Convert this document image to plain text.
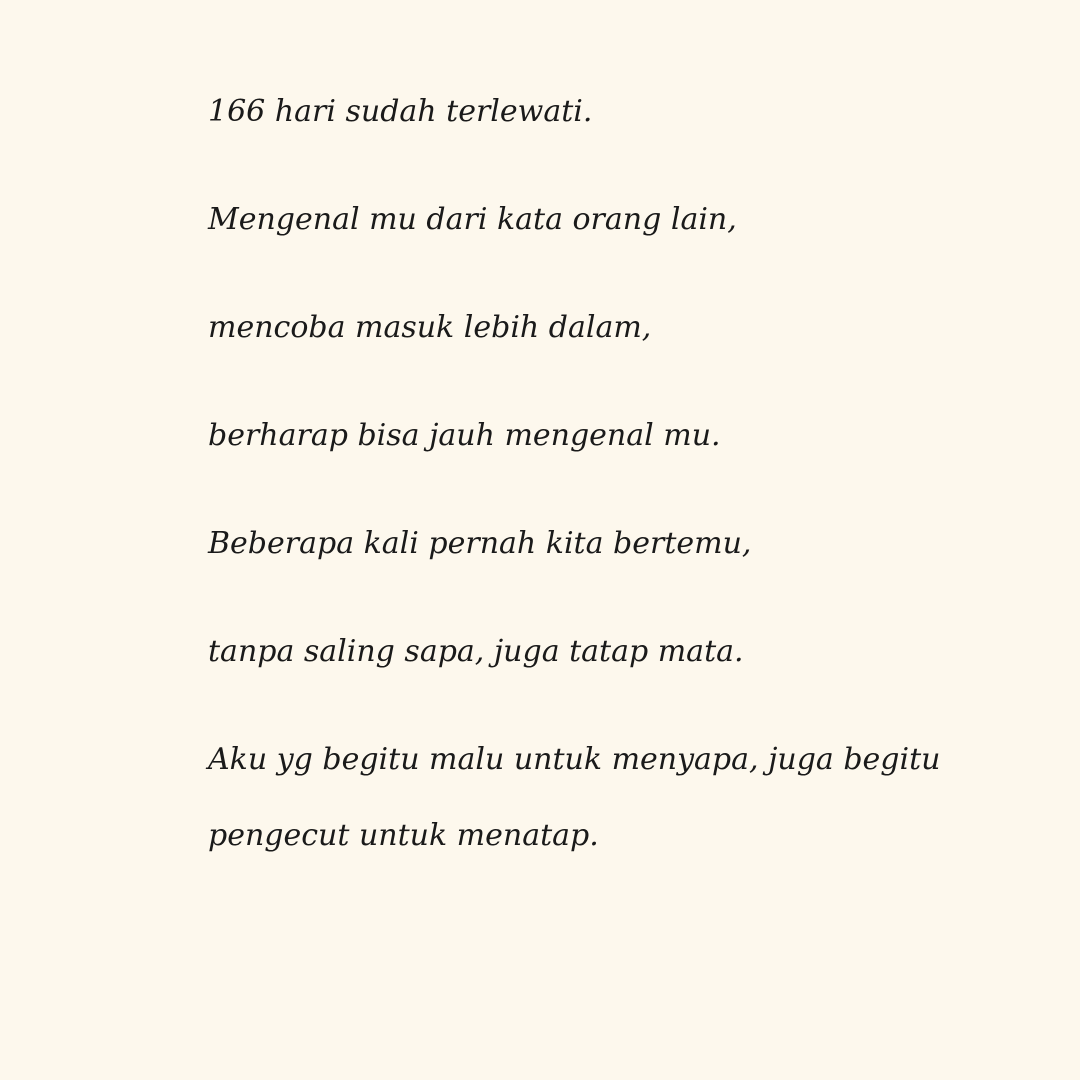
166 hari sudah terlewati.
Mengenal mu dari kata orang lain,
mencoba masuk lebih dalam,
berharap bisa jauh mengenal mu.
Beberapa kali pernah kita bertemu,
tanpa saling sapa, juga tatap mata.
Aku yg begitu malu untuk menyapa, juga begitu
pengecut untuk menatap.
